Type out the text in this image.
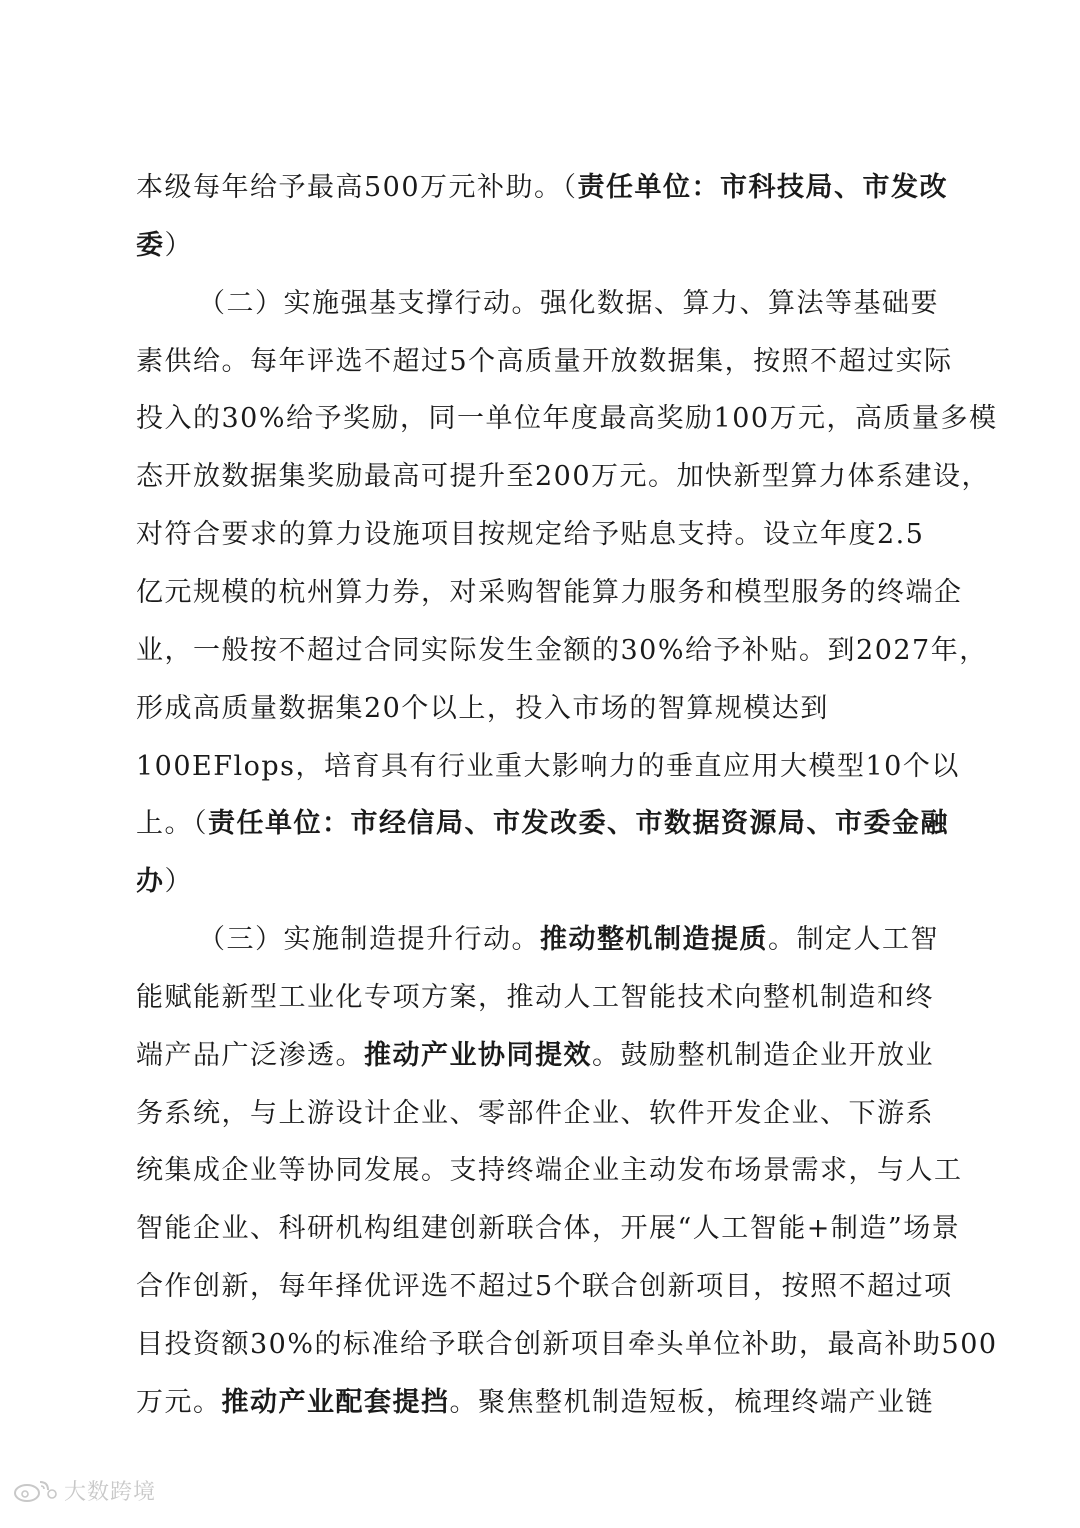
本级每年给予最高500万元补助。（责任单位：市科技局、市发改
委）
（二）实施强基支撑行动。强化数据、算力、算法等基础要
素供给。每年评选不超过5个高质量开放数据集，按照不超过实际
投入的30%给予奖励，同一单位年度最高奖励100万元，高质量多模
态开放数据集奖励最高可提升至200万元。加快新型算力体系建设，
对符合要求的算力设施项目按规定给予贴息支持。设立年度2.5
亿元规模的杭州算力券，对采购智能算力服务和模型服务的终端企
业，一般按不超过合同实际发生金额的30%给予补贴。到2027年，
形成高质量数据集20个以上，投入市场的智算规模达到
100EFlops，培育具有行业重大影响力的垂直应用大模型10个以
上。（责任单位：市经信局、市发改委、市数据资源局、市委金融
办）
（三）实施制造提升行动。推动整机制造提质。制定人工智
能赋能新型工业化专项方案，推动人工智能技术向整机制造和终
端产品广泛渗透。推动产业协同提效。鼓励整机制造企业开放业
务系统，与上游设计企业、零部件企业、软件开发企业、下游系
统集成企业等协同发展。支持终端企业主动发布场景需求，与人工
智能企业、科研机构组建创新联合体，开展“人工智能+制造”场景
合作创新，每年择优评选不超过5个联合创新项目，按照不超过项
目投资额30%的标准给予联合创新项目牵头单位补助，最高补助500
万元。推动产业配套提挡。聚焦整机制造短板，梳理终端产业链
大数跨境
